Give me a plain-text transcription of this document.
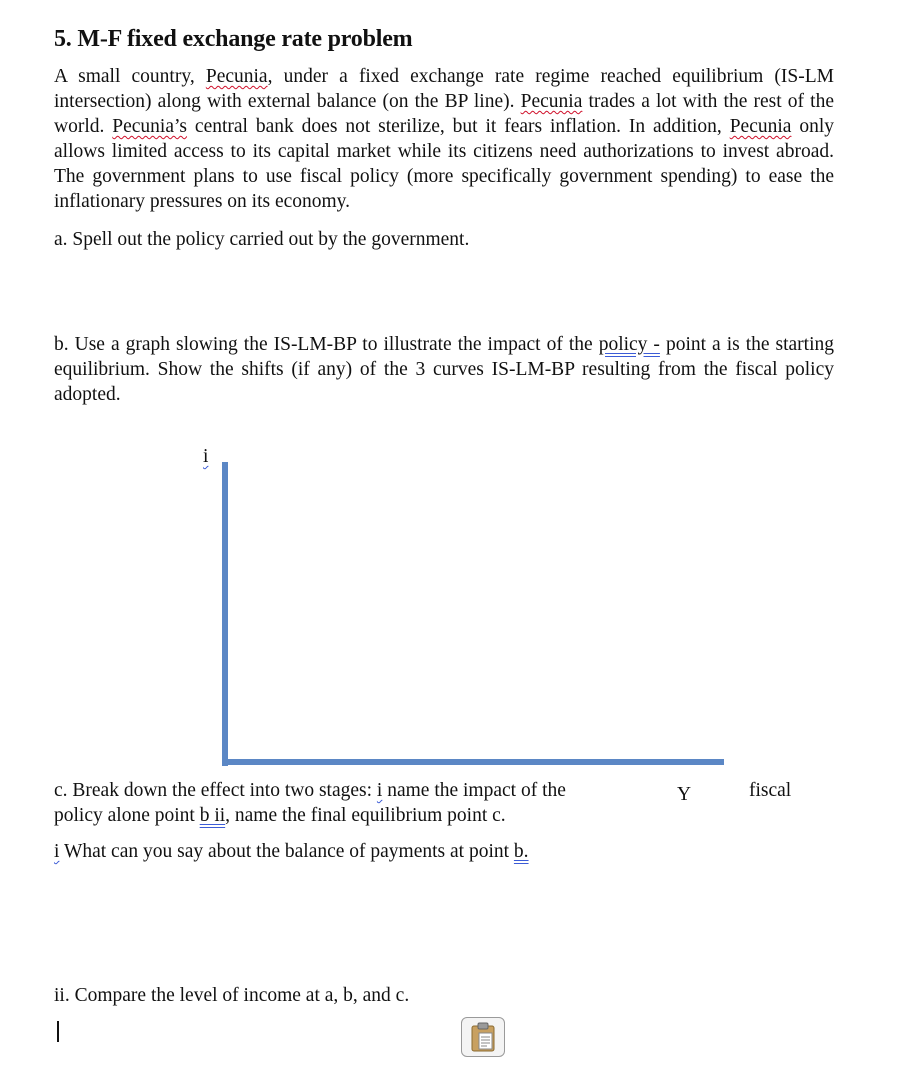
5. M-F fixed exchange rate problem
A small country, Pecunia, under a fixed exchange rate regime reached equilibrium (IS-LM intersection) along with external balance (on the BP line). Pecunia trades a lot with the rest of the world. Pecunia’s central bank does not sterilize, but it fears inflation. In addition, Pecunia only allows limited access to its capital market while its citizens need authorizations to invest abroad. The government plans to use fiscal policy (more specifically government spending) to ease the inflationary pressures on its economy.
a. Spell out the policy carried out by the government.
b. Use a graph slowing the IS-LM-BP to illustrate the impact of the policy - point a is the starting equilibrium. Show the shifts (if any) of the 3 curves IS-LM-BP resulting from the fiscal policy adopted.
i
c. Break down the effect into two stages: i name the impact of the	Y	fiscal
policy alone point b ii, name the final equilibrium point c.
i What can you say about the balance of payments at point b.
ii. Compare the level of income at a, b, and c.
